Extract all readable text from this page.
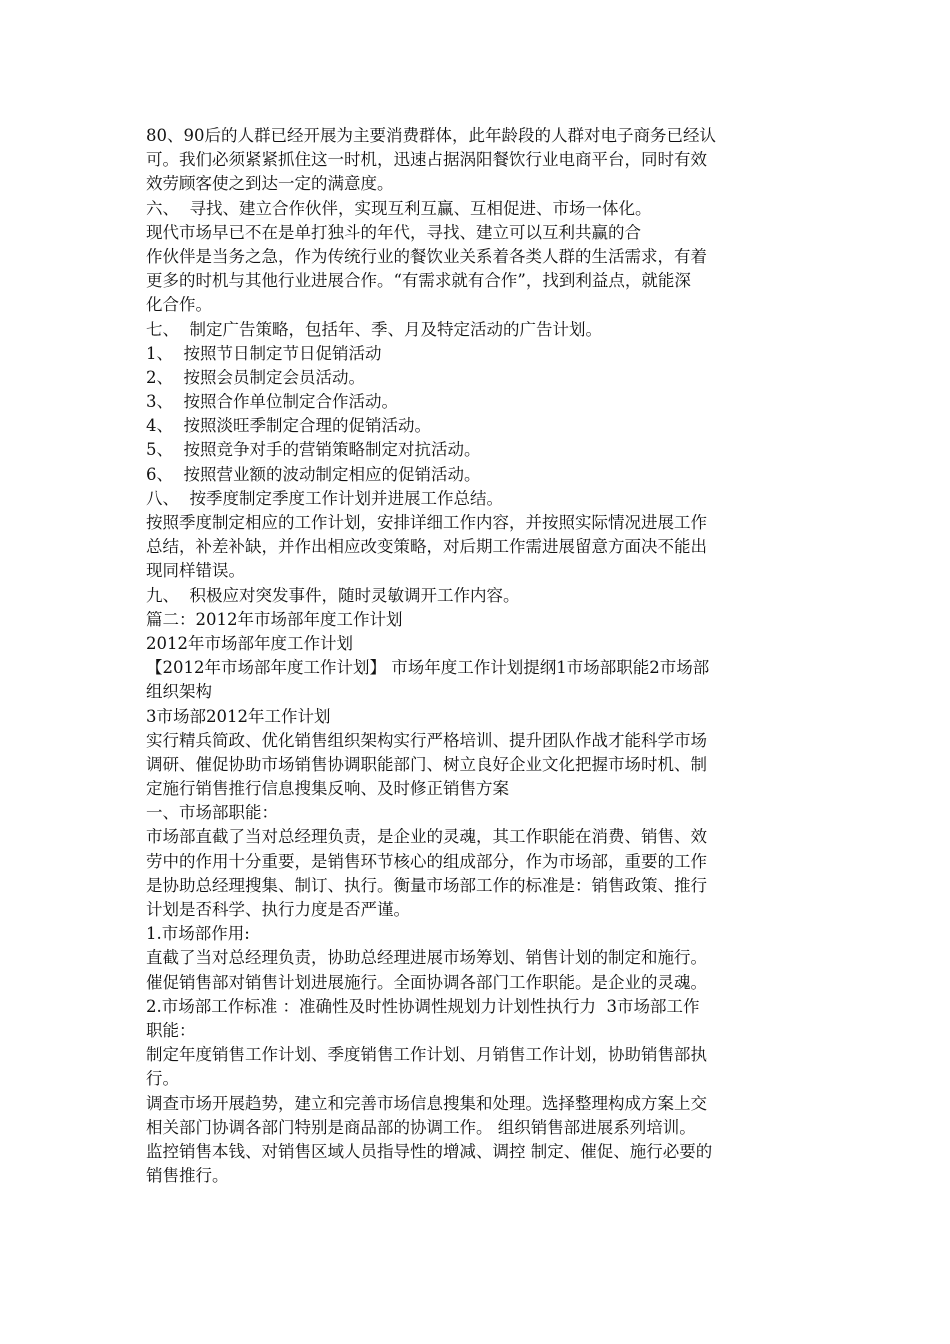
80、90后的人群已经开展为主要消费群体，此年龄段的人群对电子商务已经认
可。我们必须紧紧抓住这一时机，迅速占据涡阳餐饮行业电商平台，同时有效
效劳顾客使之到达一定的满意度。
六、  寻找、建立合作伙伴，实现互利互赢、互相促进、市场一体化。
现代市场早已不在是单打独斗的年代，寻找、建立可以互利共赢的合
作伙伴是当务之急，作为传统行业的餐饮业关系着各类人群的生活需求，有着
更多的时机与其他行业进展合作。“有需求就有合作”，找到利益点，就能深
化合作。
七、  制定广告策略，包括年、季、月及特定活动的广告计划。
1、  按照节日制定节日促销活动
2、  按照会员制定会员活动。
3、  按照合作单位制定合作活动。
4、  按照淡旺季制定合理的促销活动。
5、  按照竞争对手的营销策略制定对抗活动。
6、  按照营业额的波动制定相应的促销活动。
八、  按季度制定季度工作计划并进展工作总结。
按照季度制定相应的工作计划，安排详细工作内容，并按照实际情况进展工作
总结，补差补缺，并作出相应改变策略，对后期工作需进展留意方面决不能出
现同样错误。
九、  积极应对突发事件，随时灵敏调开工作内容。
篇二：2012年市场部年度工作计划
2012年市场部年度工作计划
【2012年市场部年度工作计划】 市场年度工作计划提纲1市场部职能2市场部
组织架构
3市场部2012年工作计划
实行精兵简政、优化销售组织架构实行严格培训、提升团队作战才能科学市场
调研、催促协助市场销售协调职能部门、树立良好企业文化把握市场时机、制
定施行销售推行信息搜集反响、及时修正销售方案
一、市场部职能：
市场部直截了当对总经理负责，是企业的灵魂，其工作职能在消费、销售、效
劳中的作用十分重要，是销售环节核心的组成部分，作为市场部，重要的工作
是协助总经理搜集、制订、执行。衡量市场部工作的标准是：销售政策、推行
计划是否科学、执行力度是否严谨。
1.市场部作用:
直截了当对总经理负责，协助总经理进展市场筹划、销售计划的制定和施行。
催促销售部对销售计划进展施行。全面协调各部门工作职能。是企业的灵魂。
2.市场部工作标准 ：准确性及时性协调性规划力计划性执行力  3市场部工作
职能：
制定年度销售工作计划、季度销售工作计划、月销售工作计划，协助销售部执
行。
调查市场开展趋势，建立和完善市场信息搜集和处理。选择整理构成方案上交
相关部门协调各部门特别是商品部的协调工作。 组织销售部进展系列培训。
监控销售本钱、对销售区域人员指导性的增减、调控 制定、催促、施行必要的
销售推行。
